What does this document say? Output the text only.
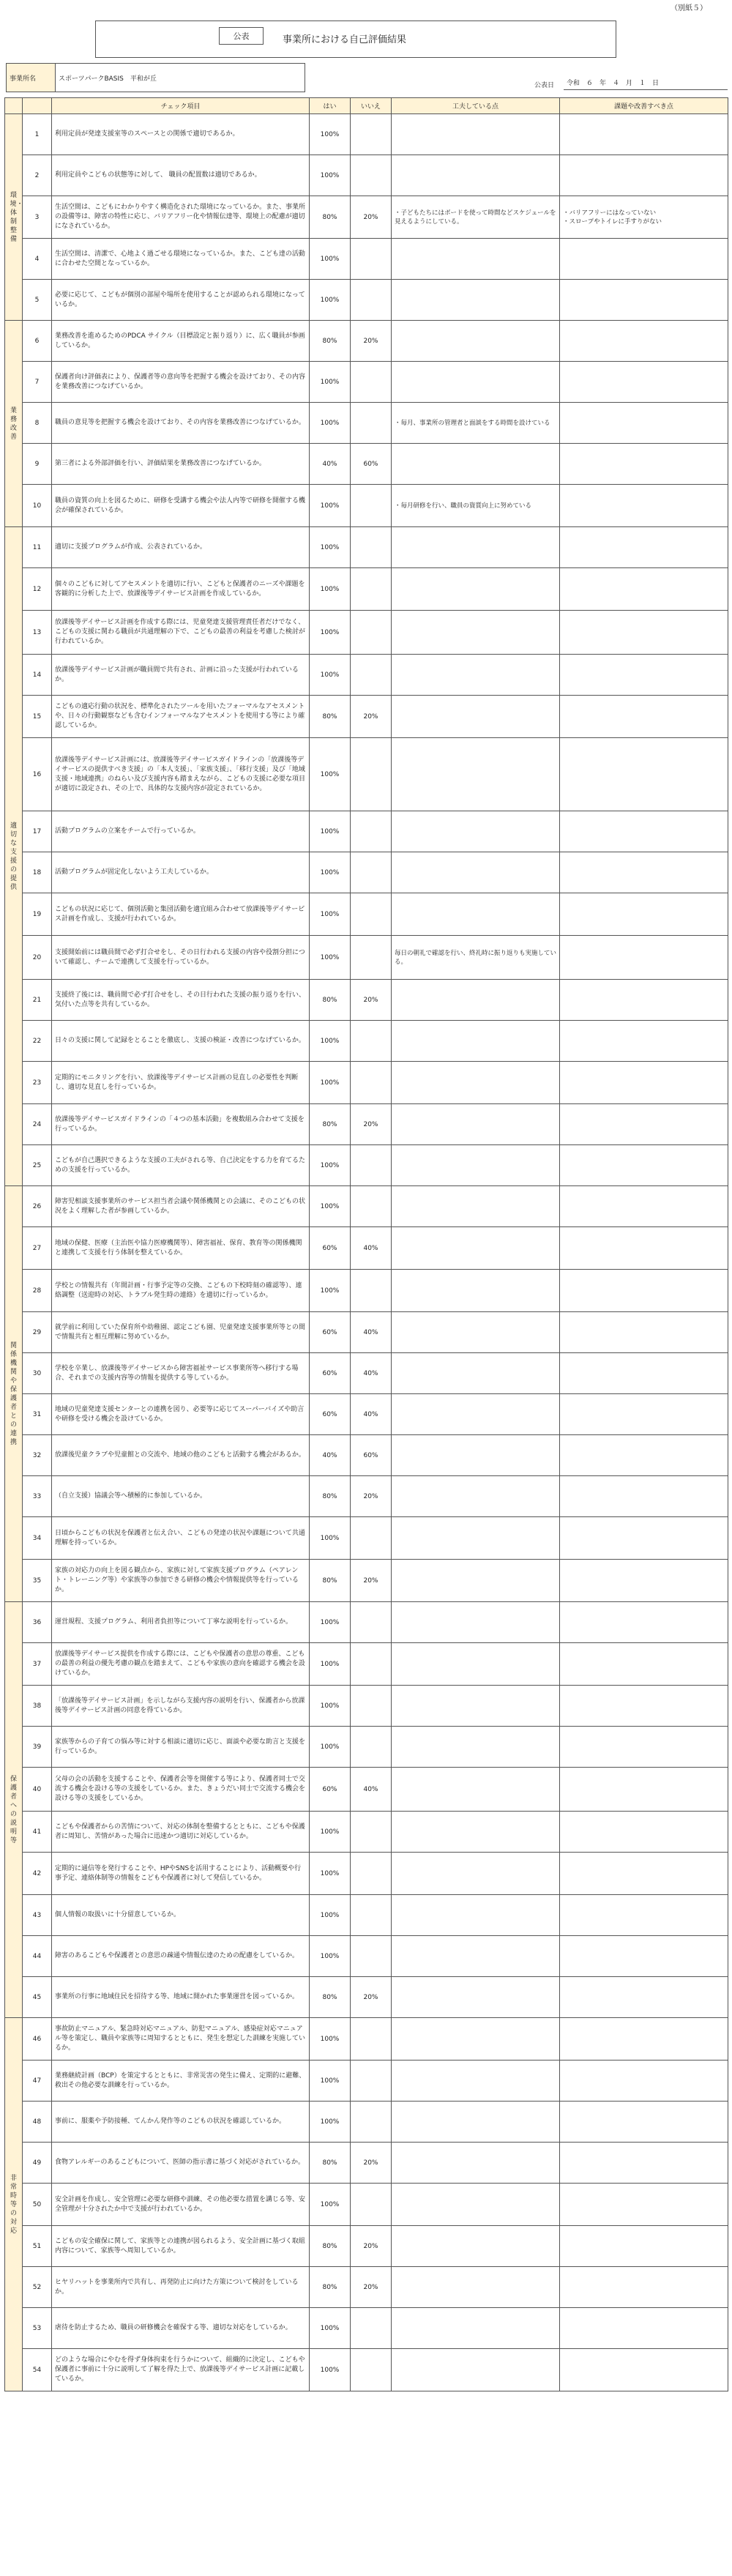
（別紙５）
公表	事業所における自己評価結果
事業所名	スポーツパークBASIS　平和が丘
公表日	令和　６　年　４　月　１　日
		チェック項目	はい	いいえ	工夫している点	課題や改善すべき点
環境・体制整備	1	利用定員が発達支援室等のスペースとの関係で適切であるか。	100%			
	2	利用定員やこどもの状態等に対して、 職員の配置数は適切であるか。	100%			
	3	生活空間は、こどもにわかりやすく構造化された環境になっているか。また、事業所の設備等は、障害の特性に応じ、バリアフリー化や情報伝達等、環境上の配慮が適切になされているか。	80%	20%	・子どもたちにはボードを使って時間などスケジュールを見えるようにしている。	・バリアフリーにはなっていない
・スロープやトイレに手すりがない
	4	生活空間は、清潔で、心地よく過ごせる環境になっているか。また、こども達の活動に合わせた空間となっているか。	100%			
	5	必要に応じて、こどもが個別の部屋や場所を使用することが認められる環境になっているか。	100%			
業務改善	6	業務改善を進めるためのPDCA サイクル（目標設定と振り返り）に、広く職員が参画しているか。	80%	20%		
	7	保護者向け評価表により、保護者等の意向等を把握する機会を設けており、その内容を業務改善につなげているか。	100%			
	8	職員の意見等を把握する機会を設けており、その内容を業務改善につなげているか。	100%		・毎月、事業所の管理者と面談をする時間を設けている	
	9	第三者による外部評価を行い、評価結果を業務改善につなげているか。	40%	60%		
	10	職員の資質の向上を図るために、研修を受講する機会や法人内等で研修を開催する機会が確保されているか。	100%		・毎月研修を行い、職員の資質向上に努めている	
適切な支援の提供	11	適切に支援プログラムが作成、公表されているか。	100%			
	12	個々のこどもに対してアセスメントを適切に行い、こどもと保護者のニーズや課題を客観的に分析した上で、放課後等デイサービス計画を作成しているか。	100%			
	13	放課後等デイサービス計画を作成する際には、児童発達支援管理責任者だけでなく、こどもの支援に関わる職員が共通理解の下で、こどもの最善の利益を考慮した検討が行われているか。	100%			
	14	放課後等デイサービス計画が職員間で共有され、計画に沿った支援が行われているか。	100%			
	15	こどもの適応行動の状況を、標準化されたツールを用いたフォーマルなアセスメントや、日々の行動観察なども含むインフォーマルなアセスメントを使用する等により確認しているか。	80%	20%		
	16	放課後等デイサービス計画には、放課後等デイサービスガイドラインの「放課後等デイサービスの提供すべき支援」の「本人支援」、「家族支援」、「移行支援」及び「地域支援・地域連携」のねらい及び支援内容も踏まえながら、こどもの支援に必要な項目が適切に設定され、その上で、具体的な支援内容が設定されているか。	100%			
	17	活動プログラムの立案をチームで行っているか。	100%			
	18	活動プログラムが固定化しないよう工夫しているか。	100%			
	19	こどもの状況に応じて、個別活動と集団活動を適宜組み合わせて放課後等デイサービス計画を作成し、支援が行われているか。	100%			
	20	支援開始前には職員間で必ず打合せをし、その日行われる支援の内容や役割分担について確認し、チームで連携して支援を行っているか。	100%		毎日の朝礼で確認を行い、終礼時に振り返りも実施している。	
	21	支援終了後には、職員間で必ず打合せをし、その日行われた支援の振り返りを行い、気付いた点等を共有しているか。	80%	20%		
	22	日々の支援に関して記録をとることを徹底し、支援の検証・改善につなげているか。	100%			
	23	定期的にモニタリングを行い、放課後等デイサービス計画の見直しの必要性を判断し、適切な見直しを行っているか。	100%			
	24	放課後等デイサービスガイドラインの「４つの基本活動」を複数組み合わせて支援を行っているか。	80%	20%		
	25	こどもが自己選択できるような支援の工夫がされる等、自己決定をする力を育てるための支援を行っているか。	100%			
関係機関や保護者との連携	26	障害児相談支援事業所のサービス担当者会議や関係機関との会議に、そのこどもの状況をよく理解した者が参画しているか。	100%			
	27	地域の保健、医療（主治医や協力医療機関等）、障害福祉、保育、教育等の関係機関と連携して支援を行う体制を整えているか。	60%	40%		
	28	学校との情報共有（年間計画・行事予定等の交換、こどもの下校時刻の確認等）、連絡調整（送迎時の対応、トラブル発生時の連絡）を適切に行っているか。	100%			
	29	就学前に利用していた保育所や幼稚園、認定こども園、児童発達支援事業所等との間で情報共有と相互理解に努めているか。	60%	40%		
	30	学校を卒業し、放課後等デイサービスから障害福祉サービス事業所等へ移行する場合、それまでの支援内容等の情報を提供する等しているか。	60%	40%		
	31	地域の児童発達支援センターとの連携を図り、必要等に応じてスーパーバイズや助言や研修を受ける機会を設けているか。	60%	40%		
	32	放課後児童クラブや児童館との交流や、地域の他のこどもと活動する機会があるか。	40%	60%		
	33	（自立支援）協議会等へ積極的に参加しているか。	80%	20%		
	34	日頃からこどもの状況を保護者と伝え合い、こどもの発達の状況や課題について共通理解を持っているか。	100%			
	35	家族の対応力の向上を図る観点から、家族に対して家族支援プログラム（ペアレント・トレーニング等）や家族等の参加できる研修の機会や情報提供等を行っているか。	80%	20%		
保護者への説明等	36	運営規程、支援プログラム、利用者負担等について丁寧な説明を行っているか。	100%			
	37	放課後等デイサービス提供を作成する際には、こどもや保護者の意思の尊重、こどもの最善の利益の優先考慮の観点を踏まえて、こどもや家族の意向を確認する機会を設けているか。	100%			
	38	「放課後等デイサービス計画」を示しながら支援内容の説明を行い、保護者から放課後等デイサービス計画の同意を得ているか。	100%			
	39	家族等からの子育ての悩み等に対する相談に適切に応じ、面談や必要な助言と支援を行っているか。	100%			
	40	父母の会の活動を支援することや、保護者会等を開催する等により、保護者同士で交流する機会を設ける等の支援をしているか。また、きょうだい同士で交流する機会を設ける等の支援をしているか。	60%	40%		
	41	こどもや保護者からの苦情について、対応の体制を整備するとともに、こどもや保護者に周知し、苦情があった場合に迅速かつ適切に対応しているか。	100%			
	42	定期的に通信等を発行することや、HPやSNSを活用することにより、活動概要や行事予定、連絡体制等の情報をこどもや保護者に対して発信しているか。	100%			
	43	個人情報の取扱いに十分留意しているか。	100%			
	44	障害のあるこどもや保護者との意思の疎通や情報伝達のための配慮をしているか。	100%			
	45	事業所の行事に地域住民を招待する等、地域に開かれた事業運営を図っているか。	80%	20%		
非常時等の対応	46	事故防止マニュアル、緊急時対応マニュアル、防犯マニュアル、感染症対応マニュアル等を策定し、職員や家族等に周知するとともに、発生を想定した訓練を実施しているか。	100%			
	47	業務継続計画（BCP）を策定するとともに、非常災害の発生に備え、定期的に避難、救出その他必要な訓練を行っているか。	100%			
	48	事前に、服薬や予防接種、てんかん発作等のこどもの状況を確認しているか。	100%			
	49	食物アレルギーのあるこどもについて、医師の指示書に基づく対応がされているか。	80%	20%		
	50	安全計画を作成し、安全管理に必要な研修や訓練、その他必要な措置を講じる等、安全管理が十分されたか中で支援が行われているか。	100%			
	51	こどもの安全確保に関して、家族等との連携が図られるよう、安全計画に基づく取組内容について、家族等へ周知しているか。	80%	20%		
	52	ヒヤリハットを事業所内で共有し、再発防止に向けた方策について検討をしているか。	80%	20%		
	53	虐待を防止するため、職員の研修機会を確保する等、適切な対応をしているか。	100%			
	54	どのような場合にやむを得ず身体拘束を行うかについて、組織的に決定し、こどもや保護者に事前に十分に説明して了解を得た上で、放課後等デイサービス計画に記載しているか。	100%			
